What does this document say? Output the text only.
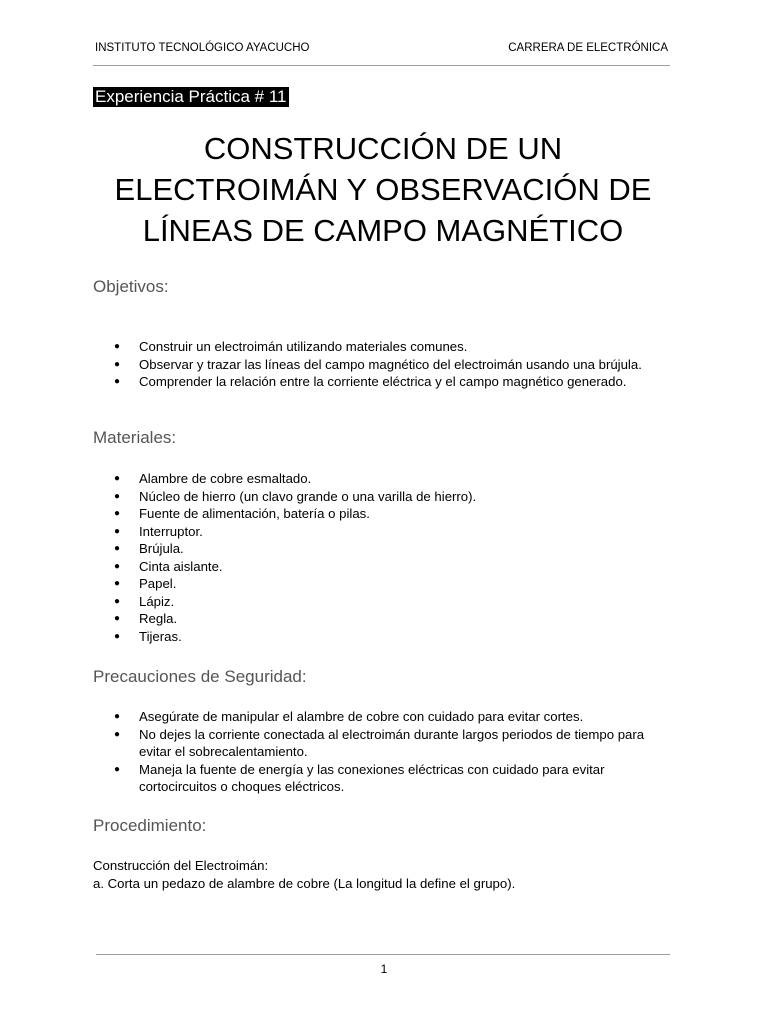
INSTITUTO TECNOLÓGICO AYACUCHO	CARRERA DE ELECTRÓNICA
Experiencia Práctica # 11
CONSTRUCCIÓN DE UN
ELECTROIMÁN Y OBSERVACIÓN DE
LÍNEAS DE CAMPO MAGNÉTICO
Objetivos:
● Construir un electroimán utilizando materiales comunes.
● Observar y trazar las líneas del campo magnético del electroimán usando una brújula.
● Comprender la relación entre la corriente eléctrica y el campo magnético generado.
Materiales:
● Alambre de cobre esmaltado.
● Núcleo de hierro (un clavo grande o una varilla de hierro).
● Fuente de alimentación, batería o pilas.
● Interruptor.
● Brújula.
● Cinta aislante.
● Papel.
● Lápiz.
● Regla.
● Tijeras.
Precauciones de Seguridad:
● Asegúrate de manipular el alambre de cobre con cuidado para evitar cortes.
● No dejes la corriente conectada al electroimán durante largos periodos de tiempo para evitar el sobrecalentamiento.
● Maneja la fuente de energía y las conexiones eléctricas con cuidado para evitar cortocircuitos o choques eléctricos.
Procedimiento:
Construcción del Electroimán:
a. Corta un pedazo de alambre de cobre (La longitud la define el grupo).
1
